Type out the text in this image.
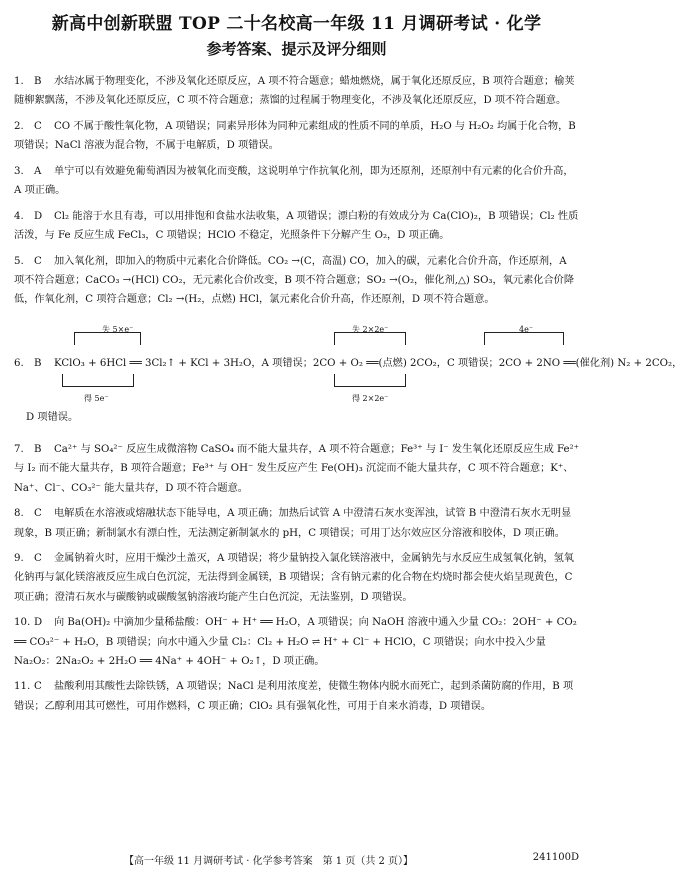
新高中创新联盟 TOP 二十名校高一年级 11 月调研考试 · 化学
参考答案、提示及评分细则
1. B 水结冰属于物理变化，不涉及氧化还原反应，A 项不符合题意；蜡烛燃烧，属于氧化还原反应，B 项符合题意；榆荚随柳絮飘荡，不涉及氧化还原反应，C 项不符合题意；蒸馏的过程属于物理变化，不涉及氧化还原反应，D 项不符合题意。
2. C CO 不属于酸性氧化物，A 项错误；同素异形体为同种元素组成的性质不同的单质，H₂O 与 H₂O₂ 均属于化合物，B 项错误；NaCl 溶液为混合物，不属于电解质，D 项错误。
3. A 单宁可以有效避免葡萄酒因为被氧化而变酸，这说明单宁作抗氧化剂，即为还原剂，还原剂中有元素的化合价升高，A 项正确。
4. D Cl₂ 能溶于水且有毒，可以用排饱和食盐水法收集，A 项错误；漂白粉的有效成分为 Ca(ClO)₂，B 项错误；Cl₂ 性质活泼，与 Fe 反应生成 FeCl₃，C 项错误；HClO 不稳定，光照条件下分解产生 O₂，D 项正确。
5. C 加入氧化剂，即加入的物质中元素化合价降低。CO₂ →(C，高温) CO，加入的碳，元素化合价升高，作还原剂，A 项不符合题意；CaCO₃ →(HCl) CO₂，无元素化合价改变，B 项不符合题意；SO₂ →(O₂，催化剂,△) SO₃，氧元素化合价降低，作氧化剂，C 项符合题意；Cl₂ →(H₂，点燃) HCl，氯元素化合价升高，作还原剂，D 项不符合题意。
失 5×e⁻	失 2×2e⁻	4e⁻
6. B KClO₃ + 6HCl ══ 3Cl₂↑ + KCl + 3H₂O，A 项错误；2CO + O₂ ══(点燃) 2CO₂，C 项错误；2CO + 2NO ══(催化剂) N₂ + 2CO₂，
得 5e⁻	得 2×2e⁻
D 项错误。
7. B Ca²⁺ 与 SO₄²⁻ 反应生成微溶物 CaSO₄ 而不能大量共存，A 项不符合题意；Fe³⁺ 与 I⁻ 发生氧化还原反应生成 Fe²⁺ 与 I₂ 而不能大量共存，B 项符合题意；Fe³⁺ 与 OH⁻ 发生反应产生 Fe(OH)₃ 沉淀而不能大量共存，C 项不符合题意；K⁺、Na⁺、Cl⁻、CO₃²⁻ 能大量共存，D 项不符合题意。
8. C 电解质在水溶液或熔融状态下能导电，A 项正确；加热后试管 A 中澄清石灰水变浑浊，试管 B 中澄清石灰水无明显现象，B 项正确；新制氯水有漂白性，无法测定新制氯水的 pH，C 项错误；可用丁达尔效应区分溶液和胶体，D 项正确。
9. C 金属钠着火时，应用干燥沙土盖灭，A 项错误；将少量钠投入氯化镁溶液中，金属钠先与水反应生成氢氧化钠，氢氧化钠再与氯化镁溶液反应生成白色沉淀，无法得到金属镁，B 项错误；含有钠元素的化合物在灼烧时都会使火焰呈现黄色，C 项正确；澄清石灰水与碳酸钠或碳酸氢钠溶液均能产生白色沉淀，无法鉴别，D 项错误。
10. D 向 Ba(OH)₂ 中滴加少量稀盐酸：OH⁻ + H⁺ ══ H₂O，A 项错误；向 NaOH 溶液中通入少量 CO₂：2OH⁻ + CO₂ ══ CO₃²⁻ + H₂O，B 项错误；向水中通入少量 Cl₂：Cl₂ + H₂O ⇌ H⁺ + Cl⁻ + HClO，C 项错误；向水中投入少量 Na₂O₂：2Na₂O₂ + 2H₂O ══ 4Na⁺ + 4OH⁻ + O₂↑，D 项正确。
11. C 盐酸利用其酸性去除铁锈，A 项错误；NaCl 是利用浓度差，使微生物体内脱水而死亡，起到杀菌防腐的作用，B 项错误；乙醇利用其可燃性，可用作燃料，C 项正确；ClO₂ 具有强氧化性，可用于自来水消毒，D 项错误。
【高一年级 11 月调研考试 · 化学参考答案　第 1 页（共 2 页）】	241100D
